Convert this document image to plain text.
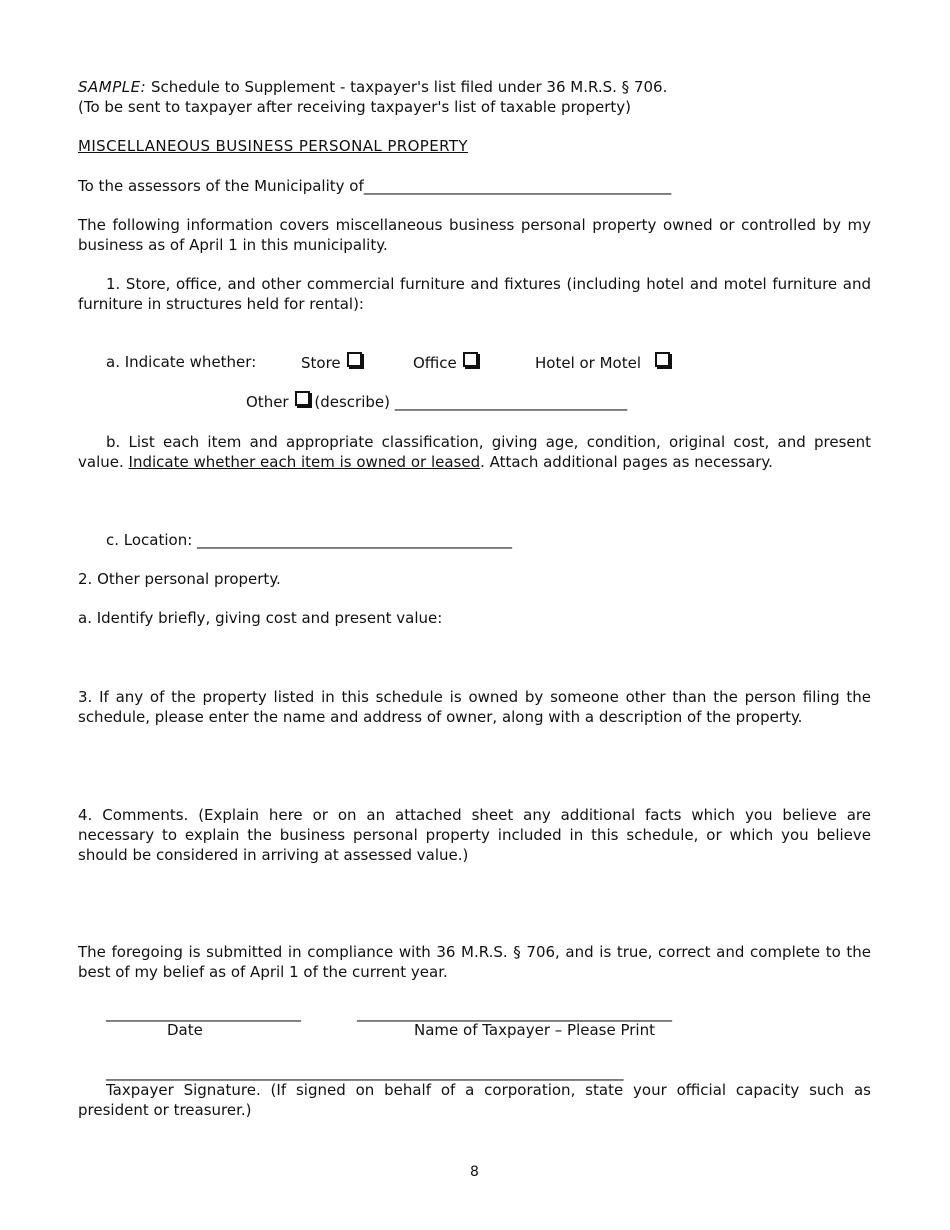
SAMPLE: Schedule to Supplement - taxpayer's list filed under 36 M.R.S. § 706.
(To be sent to taxpayer after receiving taxpayer's list of taxable property)
MISCELLANEOUS BUSINESS PERSONAL PROPERTY
To the assessors of the Municipality of_________________________________________
The following information covers miscellaneous business personal property owned or controlled by my business as of April 1 in this municipality.
1. Store, office, and other commercial furniture and fixtures (including hotel and motel furniture and furniture in structures held for rental):
a. Indicate whether:	Store	Office	Hotel or Motel
Other (describe) _______________________________
b. List each item and appropriate classification, giving age, condition, original cost, and present value. Indicate whether each item is owned or leased. Attach additional pages as necessary.
c. Location: __________________________________________
2. Other personal property.
a. Identify briefly, giving cost and present value:
3. If any of the property listed in this schedule is owned by someone other than the person filing the schedule, please enter the name and address of owner, along with a description of the property.
4. Comments. (Explain here or on an attached sheet any additional facts which you believe are necessary to explain the business personal property included in this schedule, or which you believe should be considered in arriving at assessed value.)
The foregoing is submitted in compliance with 36 M.R.S. § 706, and is true, correct and complete to the best of my belief as of April 1 of the current year.
__________________________	__________________________________________
Date	Name of Taxpayer – Please Print
_____________________________________________________________________
Taxpayer Signature. (If signed on behalf of a corporation, state your official capacity such as president or treasurer.)
8
